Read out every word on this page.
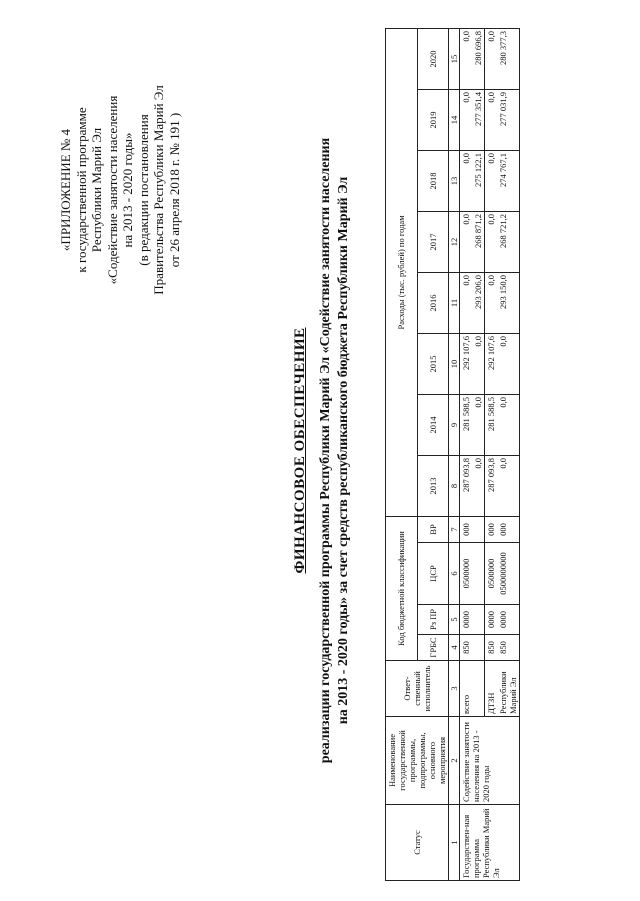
«ПРИЛОЖЕНИЕ № 4 к государственной программе Республики Марий Эл «Содействие занятости населения на 2013 - 2020 годы» (в редакции постановления Правительства Республики Марий Эл от 26 апреля 2018 г. № 191 )
ФИНАНСОВОЕ ОБЕСПЕЧЕНИЕ реализации государственной программы Республики Марий Эл «Содействие занятости населения на 2013 - 2020 годы» за счет средств республиканского бюджета Республики Марий Эл
Статус	Наименование государственной программы, подпрограммы, основного мероприятия	Ответ-ственный исполнитель	Код бюджетной классификации				Расходы (тыс. рублей) по годам							
			ГРБС	Рз ПР	ЦСР	ВР	2013	2014	2015	2016	2017	2018	2019	2020
1	2	3	4	5	6	7	8	9	10	11	12	13	14	15
Государствен-ная программа Республики Марий Эл	Содействие занятости населения на 2013 - 2020 годы	всего	850	0000	0500000	000	287 093,8	281 588,5	292 107,6	0,0	0,0	0,0	0,0	0,0
							0,0	0,0	0,0	293 206,0	268 871,2	275 122,1	277 351,4	280 696,8
		ДТЗН	850	0000	0500000	000	287 093,8	281 588,5	292 107,6	0,0	0,0	0,0	0,0	0,0
		Республики Марий Эл	850	0000	0500000000	000	0,0	0,0	0,0	293 150,0	268 721,2	274 767,1	277 031,9	280 377,3
